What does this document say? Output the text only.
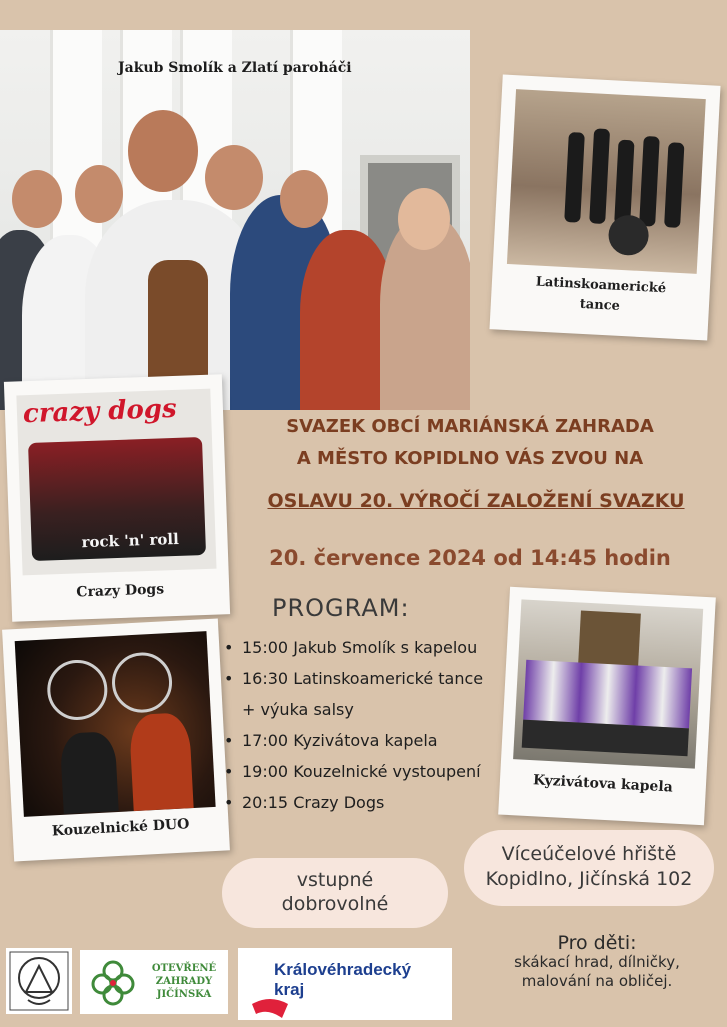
Jakub Smolík a Zlatí paroháči
Latinskoamerické
tance
crazy dogs
rock 'n' roll
Crazy Dogs
Kouzelnické DUO
Kyzivátova kapela
SVAZEK OBCÍ MARIÁNSKÁ ZAHRADA
A MĚSTO KOPIDLNO VÁS ZVOU NA
OSLAVU 20. VÝROČÍ ZALOŽENÍ SVAZKU
20. července 2024 od 14:45 hodin
PROGRAM:
• 15:00 Jakub Smolík s kapelou
• 16:30 Latinskoamerické tance
+ výuka salsy
• 17:00 Kyzivátova kapela
• 19:00 Kouzelnické vystoupení
• 20:15 Crazy Dogs
vstupné
dobrovolné
Víceúčelové hřiště
Kopidlno, Jičínská 102
OTEVŘENÉ
ZAHRADY
JIČÍNSKA
Královéhradecký
kraj
Pro děti:
skákací hrad, dílničky,
malování na obličej.
